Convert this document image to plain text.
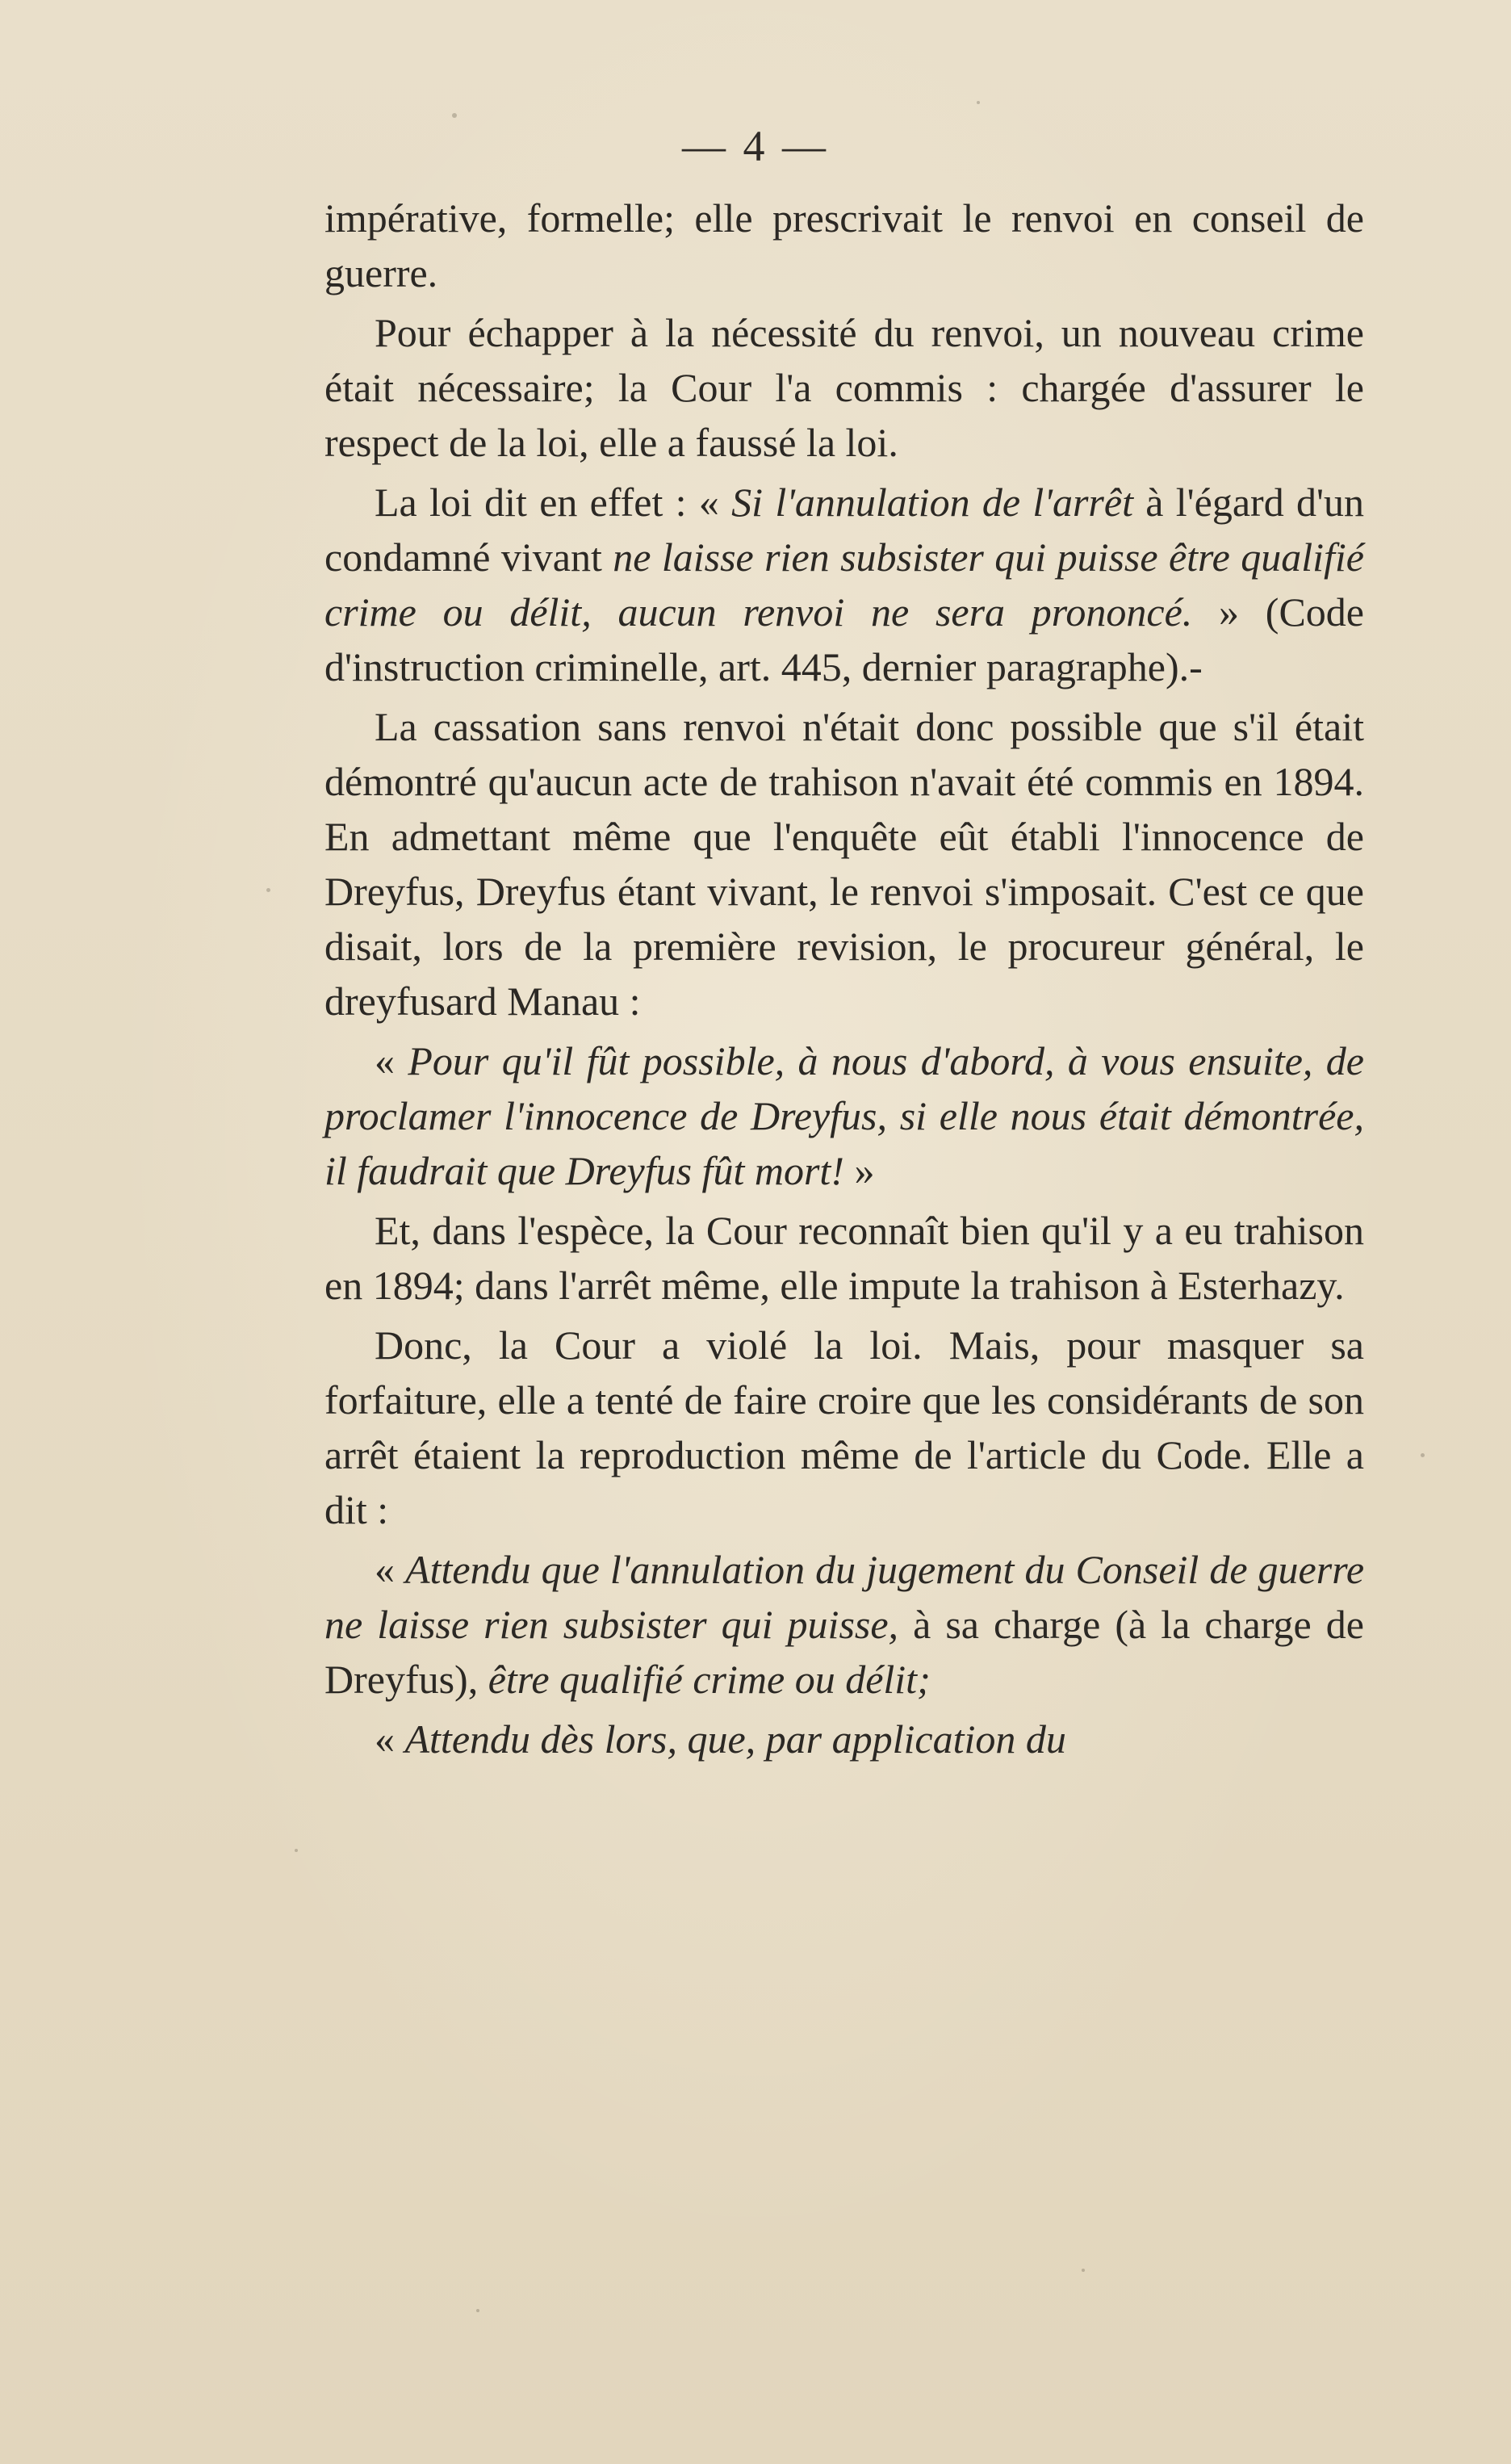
— 4 —

impérative, formelle; elle prescrivait le renvoi en conseil de guerre.

Pour échapper à la nécessité du renvoi, un nouveau crime était nécessaire; la Cour l'a commis : chargée d'assurer le respect de la loi, elle a faussé la loi.

La loi dit en effet : « Si l'annulation de l'arrêt à l'égard d'un condamné vivant ne laisse rien subsister qui puisse être qualifié crime ou délit, aucun renvoi ne sera prononcé. » (Code d'instruction criminelle, art. 445, dernier paragraphe).-

La cassation sans renvoi n'était donc possible que s'il était démontré qu'aucun acte de trahison n'avait été commis en 1894. En admettant même que l'enquête eût établi l'innocence de Dreyfus, Dreyfus étant vivant, le renvoi s'imposait. C'est ce que disait, lors de la première revision, le procureur général, le dreyfusard Manau :

« Pour qu'il fût possible, à nous d'abord, à vous ensuite, de proclamer l'innocence de Dreyfus, si elle nous était démontrée, il faudrait que Dreyfus fût mort! »

Et, dans l'espèce, la Cour reconnaît bien qu'il y a eu trahison en 1894; dans l'arrêt même, elle impute la trahison à Esterhazy.

Donc, la Cour a violé la loi. Mais, pour masquer sa forfaiture, elle a tenté de faire croire que les considérants de son arrêt étaient la reproduction même de l'article du Code. Elle a dit :

« Attendu que l'annulation du jugement du Conseil de guerre ne laisse rien subsister qui puisse, à sa charge (à la charge de Dreyfus), être qualifié crime ou délit;

« Attendu dès lors, que, par application du
